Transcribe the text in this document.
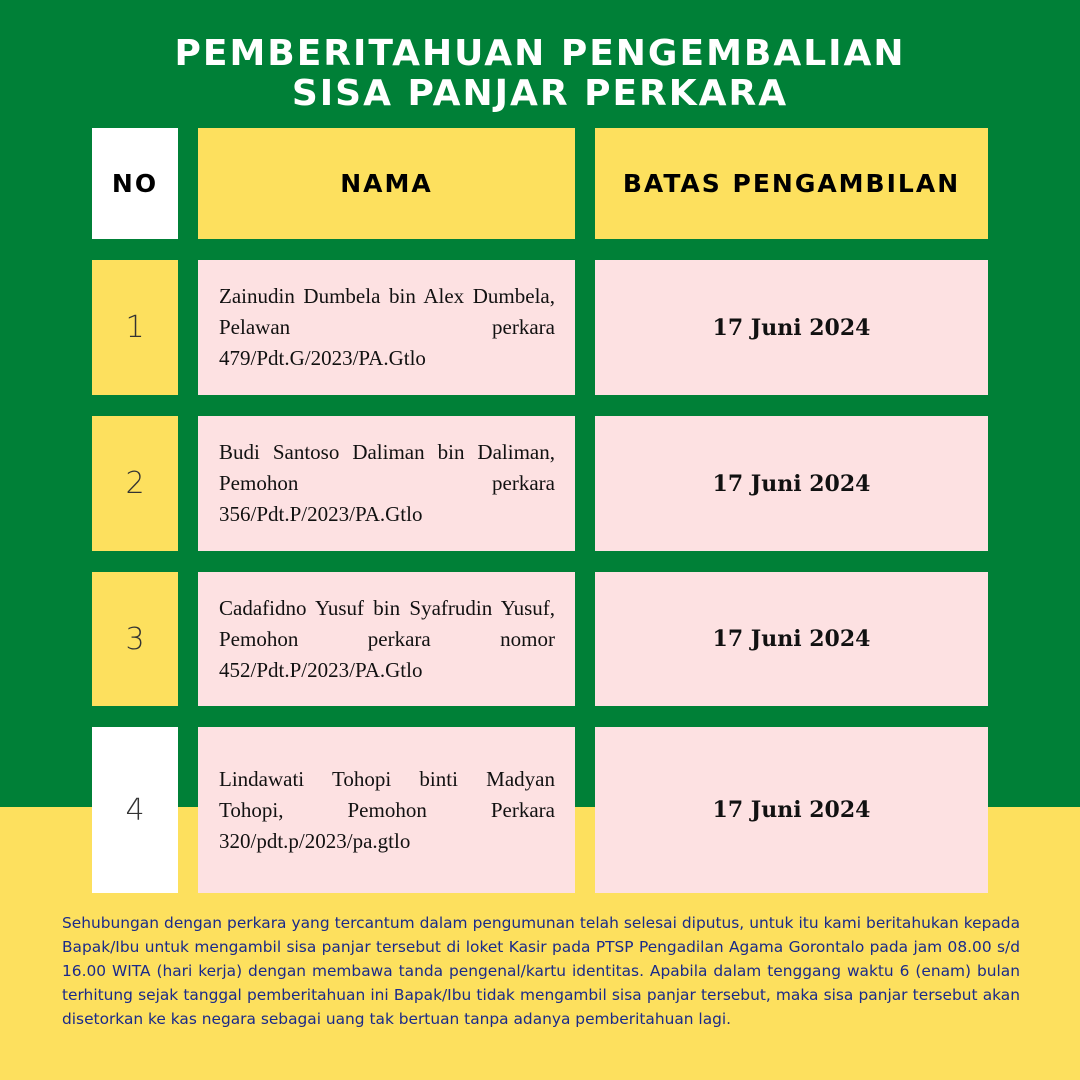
PEMBERITAHUAN PENGEMBALIAN
SISA PANJAR PERKARA
NO	NAMA	BATAS PENGAMBILAN
1
Zainudin Dumbela bin Alex Dumbela, Pelawan perkara 479/Pdt.G/2023/PA.Gtlo
17 Juni 2024
2
Budi Santoso Daliman bin Daliman, Pemohon perkara 356/Pdt.P/2023/PA.Gtlo
17 Juni 2024
3
Cadafidno Yusuf bin Syafrudin Yusuf, Pemohon perkara nomor 452/Pdt.P/2023/PA.Gtlo
17 Juni 2024
4
Lindawati Tohopi binti Madyan Tohopi, Pemohon Perkara 320/pdt.p/2023/pa.gtlo
17 Juni 2024
Sehubungan dengan perkara yang tercantum dalam pengumunan telah selesai diputus, untuk itu kami beritahukan kepada Bapak/Ibu untuk mengambil sisa panjar tersebut di loket Kasir pada PTSP Pengadilan Agama Gorontalo pada jam 08.00 s/d 16.00 WITA (hari kerja) dengan membawa tanda pengenal/kartu identitas. Apabila dalam tenggang waktu 6 (enam) bulan terhitung sejak tanggal pemberitahuan ini Bapak/Ibu tidak mengambil sisa panjar tersebut, maka sisa panjar tersebut akan disetorkan ke kas negara sebagai uang tak bertuan tanpa adanya pemberitahuan lagi.
